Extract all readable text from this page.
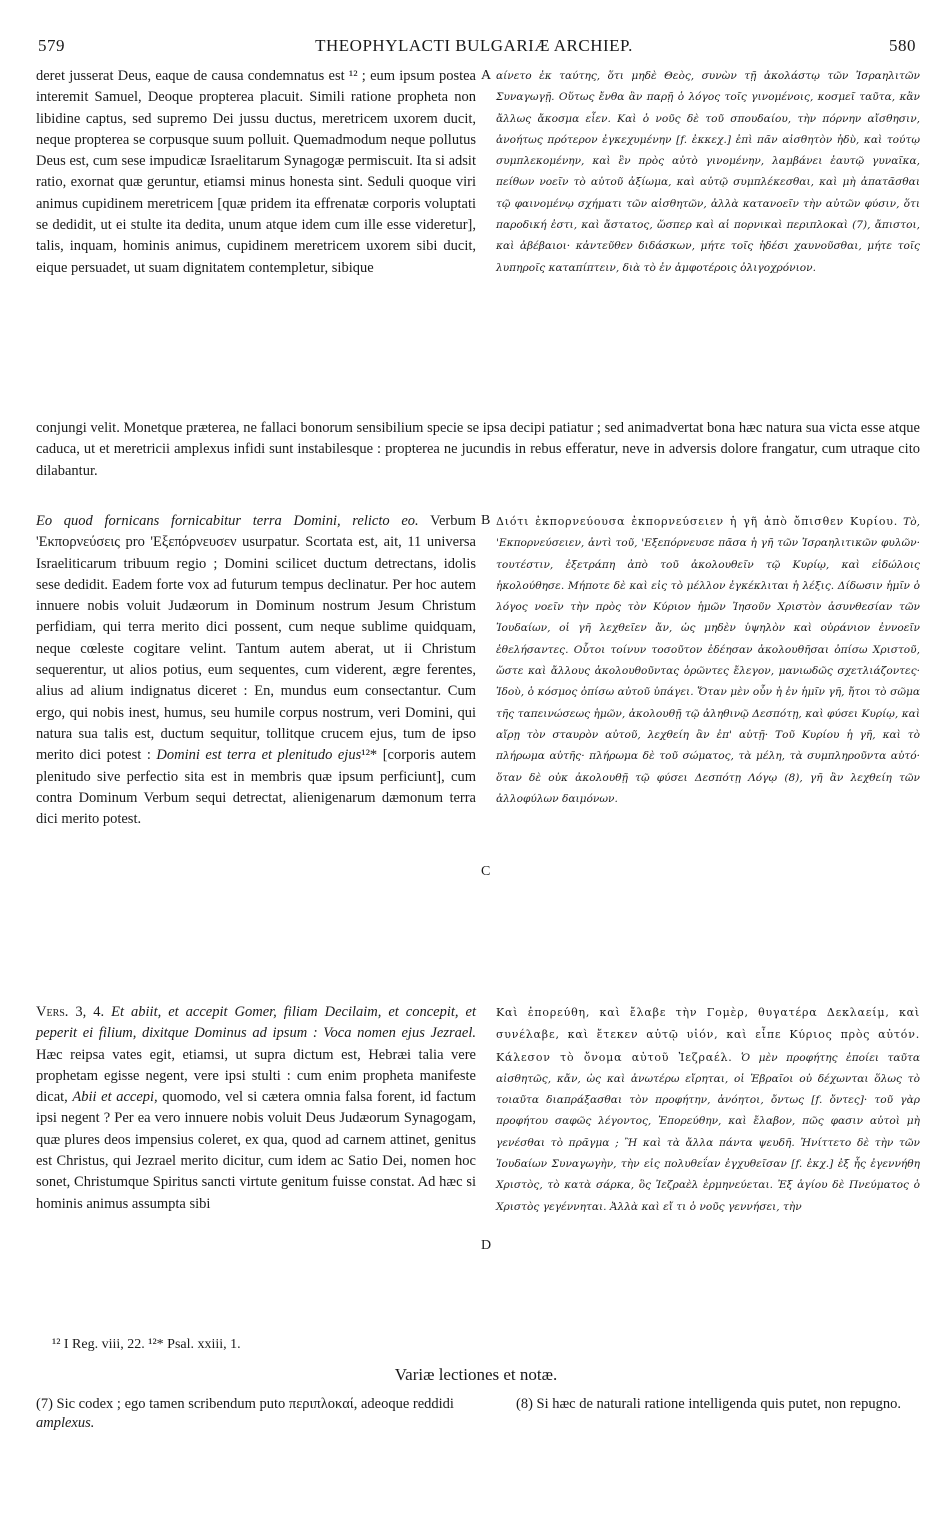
579	THEOPHYLACTI BULGARIÆ ARCHIEP.	580
deret jusserat Deus, eaque de causa condemnatus est ¹² ; eum ipsum postea interemit Samuel, Deoque propterea placuit. Simili ratione propheta non libidine captus, sed supremo Dei jussu ductus, meretricem uxorem ducit, neque propterea se corpusque suum polluit. Quemadmodum neque pollutus Deus est, cum sese impudicæ Israelitarum Synagogæ permiscuit. Ita si adsit ratio, exornat quæ geruntur, etiamsi minus honesta sint. Seduli quoque viri animus cupidinem meretricem [quæ pridem ita effrenatæ corporis voluptati se dedidit, ut ei stulte ita dedita, unum atque idem cum ille esse videretur], talis, inquam, hominis animus, cupidinem meretricem uxorem sibi ducit, eique persuadet, ut suam dignitatem contempletur, sibique
A αίνετο ἐκ ταύτης, ὅτι μηδὲ Θεὸς, συνὼν τῇ ἀκολάστῳ τῶν Ἰσραηλιτῶν Συναγωγῇ. Οὕτως ἔνθα ἂν παρῇ ὁ λόγος τοῖς γινομένοις, κοσμεῖ ταῦτα, κἂν ἄλλως ἄκοσμα εἶεν. Καὶ ὁ νοῦς δὲ τοῦ σπουδαίου, τὴν πόρνην αἴσθησιν, ἀνοήτως πρότερον ἐγκεχυμένην [f. ἐκκεχ.] ἐπὶ πᾶν αἰσθητὸν ἡδὺ, καὶ τούτῳ συμπλεκομένην, καὶ ἓν πρὸς αὐτὸ γινομένην, λαμβάνει ἑαυτῷ γυναῖκα, πείθων νοεῖν τὸ αὐτοῦ ἀξίωμα, καὶ αὐτῷ συμπλέκεσθαι, καὶ μὴ ἀπατᾶσθαι τῷ φαινομένῳ σχήματι τῶν αἰσθητῶν, ἀλλὰ κατανοεῖν τὴν αὐτῶν φύσιν, ὅτι παροδική ἐστι, καὶ ἄστατος, ὥσπερ καὶ αἱ πορνικαὶ περιπλοκαὶ (7), ἄπιστοι, καὶ ἀβέβαιοι· κἀντεῦθεν διδάσκων, μήτε τοῖς ἡδέσι χαυνοῦσθαι, μήτε τοῖς λυπηροῖς καταπίπτειν, διὰ τὸ ἐν ἀμφοτέροις ὀλιγοχρόνιον.
conjungi velit. Monetque præterea, ne fallaci bonorum sensibilium specie se ipsa decipi patiatur ; sed animadvertat bona hæc natura sua victa esse atque caduca, ut et meretricii amplexus infidi sunt instabilesque : propterea ne jucundis in rebus efferatur, neve in adversis dolore frangatur, cum utraque cito dilabantur.
Eo quod fornicans fornicabitur terra Domini, relicto eo. Verbum 'Εκπορνεύσεις pro 'Εξεπόρνευσεν usurpatur. Scortata est, ait, 11 universa Israeliticarum tribuum regio ; Domini scilicet ductum detrectans, idolis sese dedidit. Eadem forte vox ad futurum tempus declinatur. Per hoc autem innuere nobis voluit Judæorum in Dominum nostrum Jesum Christum perfidiam, qui terra merito dici possent, cum neque sublime quidquam, neque cœleste cogitare velint. Tantum autem aberat, ut ii Christum sequerentur, ut alios potius, eum sequentes, cum viderent, ægre ferentes, alius ad alium indignatus diceret : En, mundus eum consectantur. Cum ergo, qui nobis inest, humus, seu humile corpus nostrum, veri Domini, qui natura sua talis est, ductum sequitur, tollitque crucem ejus, tum de ipso merito dici potest : Domini est terra et plenitudo ejus¹²* [corporis autem plenitudo sive perfectio sita est in membris quæ ipsum perficiunt], cum contra Dominum Verbum sequi detrectat, alienigenarum dæmonum terra dici merito potest.
B Διότι ἐκπορνεύουσα ἐκπορνεύσειεν ἡ γῆ ἀπὸ ὄπισθεν Κυρίου. Τὸ, 'Εκπορνεύσειεν, ἀντὶ τοῦ, 'Εξεπόρνευσε πᾶσα ἡ γῆ τῶν Ἰσραηλιτικῶν φυλῶν· τουτέστιν, ἐξετράπη ἀπὸ τοῦ ἀκολουθεῖν τῷ Κυρίῳ, καὶ εἰδώλοις ἠκολούθησε. Μήποτε δὲ καὶ εἰς τὸ μέλλον ἐγκέκλιται ἡ λέξις. Δίδωσιν ἡμῖν ὁ λόγος νοεῖν τὴν πρὸς τὸν Κύριον ἡμῶν Ἰησοῦν Χριστὸν ἀσυνθεσίαν τῶν Ἰουδαίων, οἱ γῆ λεχθεῖεν ἄν, ὡς μηδὲν ὑψηλὸν καὶ οὐράνιον ἐννοεῖν ἐθελήσαντες. Οὗτοι τοίνυν τοσοῦτον ἐδέησαν ἀκολουθῆσαι ὀπίσω Χριστοῦ, ὥστε καὶ ἄλλους ἀκολουθοῦντας ὁρῶντες ἔλεγον, μανιωδῶς σχετλιάζοντες· Ἰδοὺ, ὁ κόσμος ὀπίσω αὐτοῦ ὑπάγει. Ὅταν μὲν οὖν ἡ ἐν ἡμῖν γῆ, ἤτοι τὸ σῶμα τῆς ταπεινώσεως ἡμῶν, ἀκολουθῇ τῷ ἀληθινῷ Δεσπότῃ, καὶ φύσει Κυρίῳ, καὶ αἴρῃ τὸν σταυρὸν αὐτοῦ, λεχθείη ἂν ἐπ' αὐτῇ· Τοῦ Κυρίου ἡ γῆ, καὶ τὸ πλήρωμα αὐτῆς· πλήρωμα δὲ τοῦ σώματος, τὰ μέλη, τὰ συμπληροῦντα αὐτό· ὅταν δὲ οὐκ ἀκολουθῇ τῷ φύσει Δεσπότῃ Λόγῳ (8), γῆ ἂν λεχθείη τῶν ἀλλοφύλων δαιμόνων.
C
Vers. 3, 4. Et abiit, et accepit Gomer, filiam Decilaim, et concepit, et peperit ei filium, dixitque Dominus ad ipsum : Voca nomen ejus Jezrael. Hæc reipsa vates egit, etiamsi, ut supra dictum est, Hebræi talia vere prophetam egisse negent, vere ipsi stulti : cum enim propheta manifeste dicat, Abii et accepi, quomodo, vel si cætera omnia falsa forent, id factum ipsi negent ? Per ea vero innuere nobis voluit Deus Judæorum Synagogam, quæ plures deos impensius coleret, ex qua, quod ad carnem attinet, genitus est Christus, qui Jezrael merito dicitur, cum idem ac Satio Dei, nomen hoc sonet, Christumque Spiritus sancti virtute genitum fuisse constat. Ad hæc si hominis animus assumpta sibi
Καὶ ἐπορεύθη, καὶ ἔλαβε τὴν Γομὲρ, θυγατέρα Δεκλαείμ, καὶ συνέλαβε, καὶ ἔτεκεν αὐτῷ υἱόν, καὶ εἶπε Κύριος πρὸς αὐτόν. Κάλεσον τὸ ὄνομα αὐτοῦ Ἰεζραέλ. Ὁ μὲν προφήτης ἐποίει ταῦτα αἰσθητῶς, κἄν, ὡς καὶ ἀνωτέρω εἴρηται, οἱ Ἑβραῖοι οὐ δέχωνται ὅλως τὸ τοιαῦτα διαπράξασθαι τὸν προφήτην, ἀνόητοι, ὄντως [f. ὄντες]· τοῦ γὰρ προφήτου σαφῶς λέγοντος, Ἐπορεύθην, καὶ ἔλαβον, πῶς φασιν αὐτοὶ μὴ γενέσθαι τὸ πρᾶγμα ; Ἢ καὶ τὰ ἄλλα πάντα ψευδῆ. Ἠνίττετο δὲ τὴν τῶν Ἰουδαίων Συναγωγὴν, τὴν εἰς πολυθεΐαν ἐγχυθεῖσαν [f. ἐκχ.] ἐξ ἧς ἐγεννήθη Χριστὸς, τὸ κατὰ σάρκα, ὃς Ἰεζραὲλ ἑρμηνεύεται. Ἐξ ἁγίου δὲ Πνεύματος ὁ Χριστὸς γεγέννηται. Ἀλλὰ καὶ εἴ τι ὁ νοῦς γεννήσει, τὴν
D
¹² I Reg. viii, 22. ¹²* Psal. xxiii, 1.
Variæ lectiones et notæ.
(7) Sic codex ; ego tamen scribendum puto περιπλοκαί, adeoque reddidi amplexus.
(8) Si hæc de naturali ratione intelligenda quis putet, non repugno.
